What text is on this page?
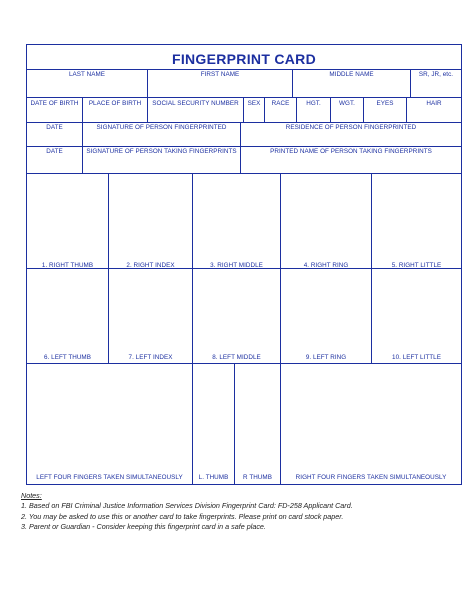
FINGERPRINT CARD
LAST NAME	FIRST NAME	MIDDLE NAME	SR, JR, etc.
DATE OF BIRTH	PLACE OF BIRTH	SOCIAL SECURITY NUMBER	SEX	RACE	HGT.	WGT.	EYES	HAIR
DATE	SIGNATURE OF PERSON FINGERPRINTED	RESIDENCE OF PERSON FINGERPRINTED
DATE	SIGNATURE OF PERSON TAKING FINGERPRINTS	PRINTED NAME OF PERSON TAKING FINGERPRINTS
1. RIGHT THUMB	2. RIGHT INDEX	3. RIGHT MIDDLE	4. RIGHT RING	5. RIGHT LITTLE
6. LEFT THUMB	7. LEFT INDEX	8. LEFT MIDDLE	9. LEFT RING	10. LEFT LITTLE
LEFT FOUR FINGERS TAKEN SIMULTANEOUSLY	L. THUMB	R THUMB	RIGHT FOUR FINGERS TAKEN SIMULTANEOUSLY
Notes:
1. Based on FBI Criminal Justice Information Services Division Fingerprint Card: FD-258 Applicant Card.
2. You may be asked to use this or another card to take fingerprints. Please print on card stock paper.
3. Parent or Guardian - Consider keeping this fingerprint card in a safe place.
